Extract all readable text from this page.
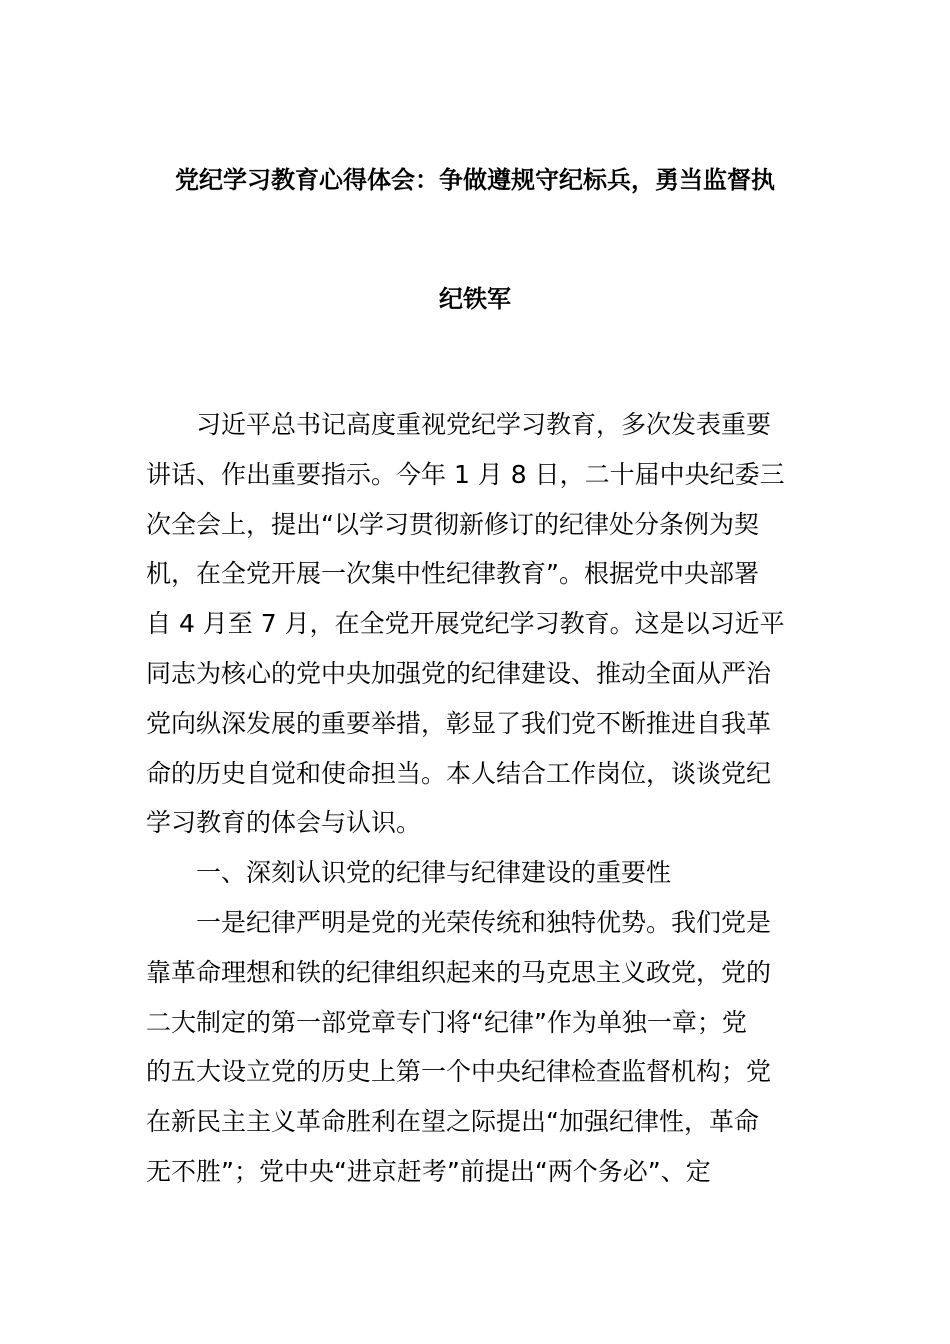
党纪学习教育心得体会：争做遵规守纪标兵，勇当监督执
纪铁军
习近平总书记高度重视党纪学习教育，多次发表重要
讲话、作出重要指示。今年 1 月 8 日，二十届中央纪委三
次全会上，提出“以学习贯彻新修订的纪律处分条例为契
机，在全党开展一次集中性纪律教育”。根据党中央部署
自 4 月至 7 月，在全党开展党纪学习教育。这是以习近平
同志为核心的党中央加强党的纪律建设、推动全面从严治
党向纵深发展的重要举措，彰显了我们党不断推进自我革
命的历史自觉和使命担当。本人结合工作岗位，谈谈党纪
学习教育的体会与认识。
一、深刻认识党的纪律与纪律建设的重要性
一是纪律严明是党的光荣传统和独特优势。我们党是
靠革命理想和铁的纪律组织起来的马克思主义政党，党的
二大制定的第一部党章专门将“纪律”作为单独一章；党
的五大设立党的历史上第一个中央纪律检查监督机构；党
在新民主主义革命胜利在望之际提出“加强纪律性，革命
无不胜”；党中央“进京赶考”前提出“两个务必”、定
